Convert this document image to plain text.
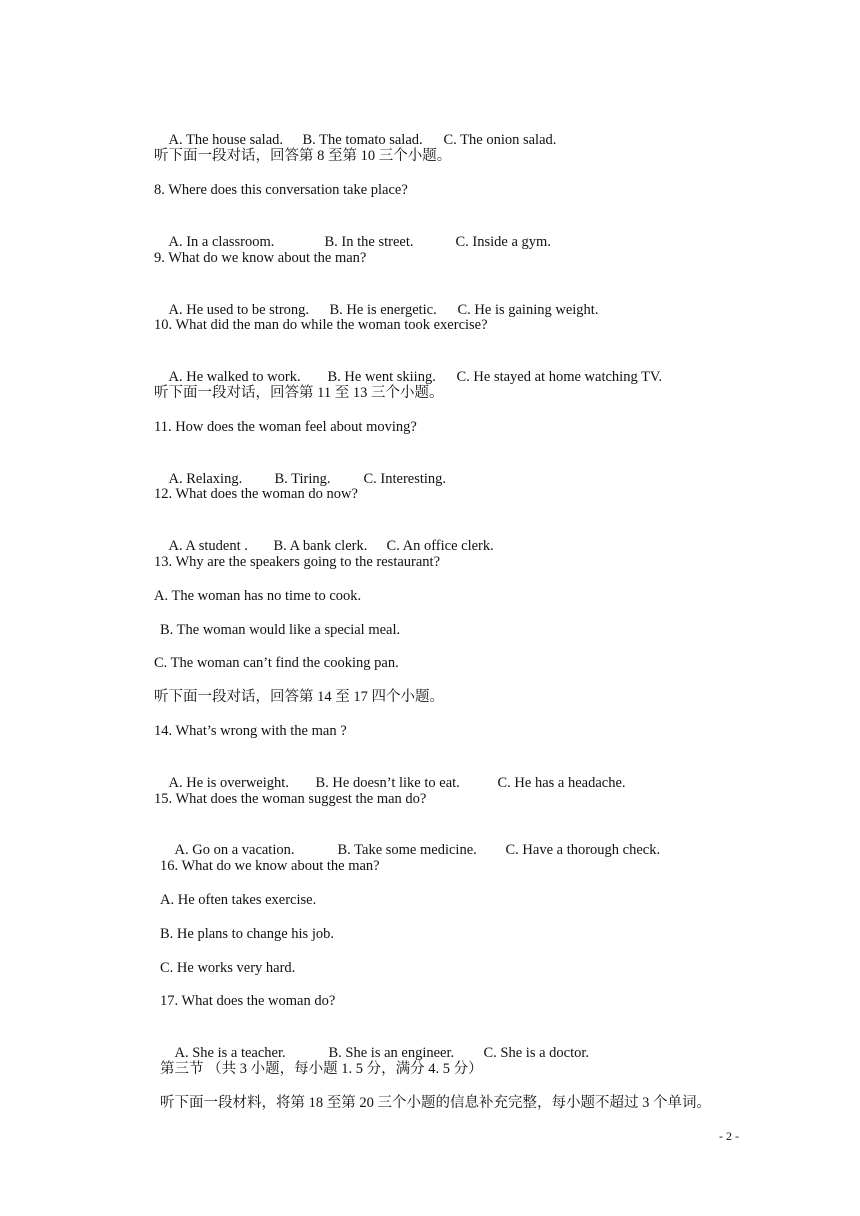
A. The house salad. B. The tomato salad. C. The onion salad.

听下面一段对话，回答第 8 至第 10 三个小题。
8. Where does this conversation take place?

A. In a classroom.	B. In the street.	C. Inside a gym.

9. What do we know about the man?

A. He used to be strong. B. He is energetic. C. He is gaining weight.

10. What did the man do while the woman took exercise?

A. He walked to work. B. He went skiing. C. He stayed at home watching TV.

听下面一段对话，回答第 11 至 13 三个小题。
11. How does the woman feel about moving?

A. Relaxing. B. Tiring. C. Interesting.

12. What does the woman do now?

A. A student . B. A bank clerk. C. An office clerk.

13. Why are the speakers going to the restaurant?
A. The woman has no time to cook.
B. The woman would like a special meal.
C. The woman can’t find the cooking pan.
听下面一段对话，回答第 14 至 17 四个小题。
14. What’s wrong with the man ?

A. He is overweight. B. He doesn’t like to eat.	C. He has a headache.

15. What does the woman suggest the man do?

A. Go on a vacation.	B. Take some medicine. C. Have a thorough check.

16. What do we know about the man?
A. He often takes exercise.
B. He plans to change his job.
C. He works very hard.
17. What does the woman do?

A. She is a teacher.	B. She is an engineer. C. She is a doctor.

第三节 （共 3 小题，每小题 1. 5 分，满分 4. 5 分）
听下面一段材料，将第 18 至第 20 三个小题的信息补充完整，每小题不超过 3 个单词。
- 2 -
